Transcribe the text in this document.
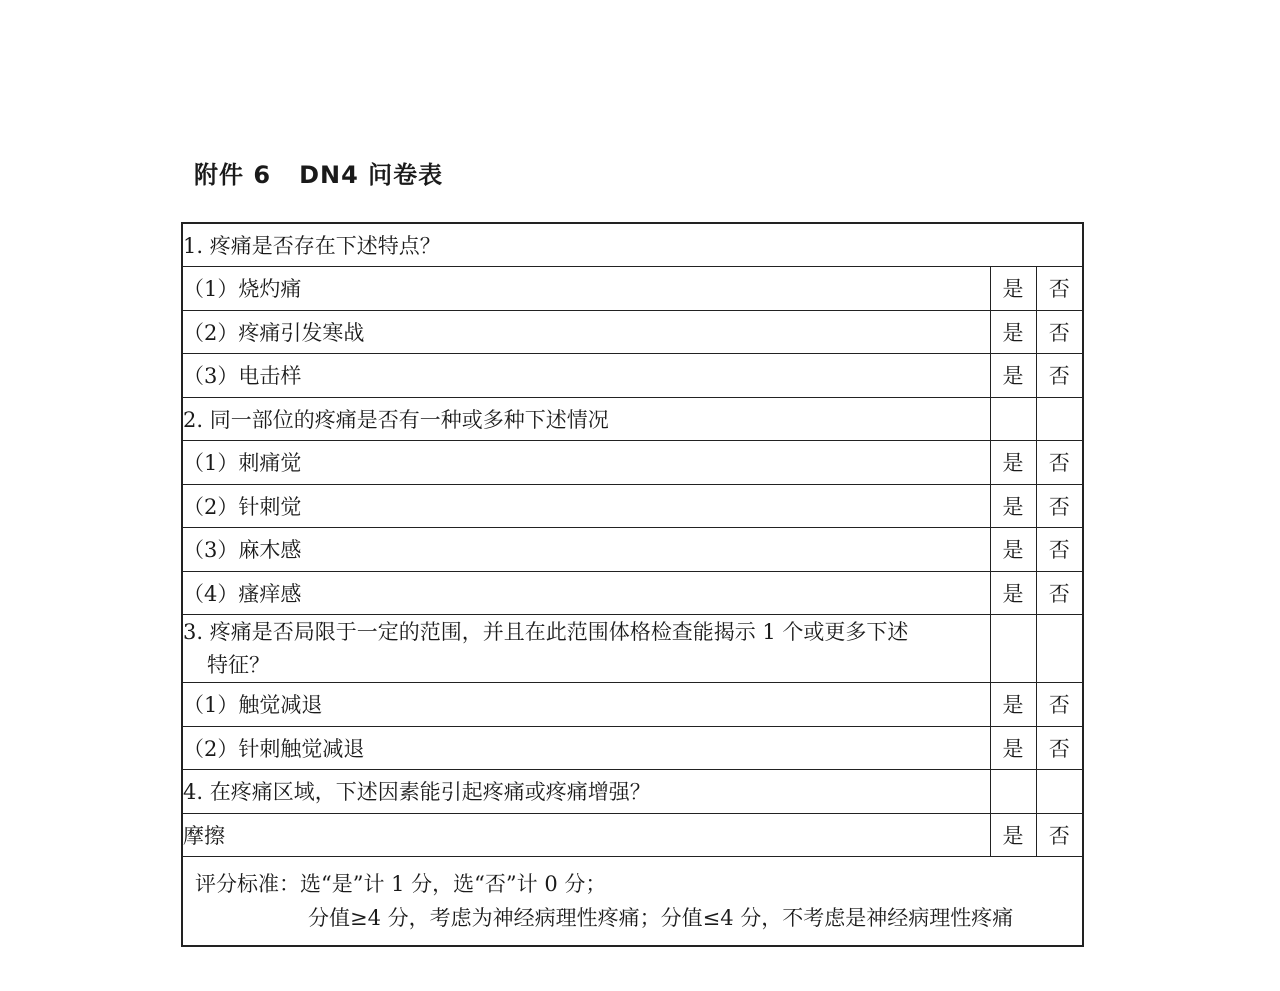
附件 6   DN4 问卷表
1. 疼痛是否存在下述特点？		
（1）烧灼痛	是	否
（2）疼痛引发寒战	是	否
（3）电击样	是	否
2. 同一部位的疼痛是否有一种或多种下述情况		
（1）刺痛觉	是	否
（2）针刺觉	是	否
（3）麻木感	是	否
（4）瘙痒感	是	否
3. 疼痛是否局限于一定的范围，并且在此范围体格检查能揭示 1 个或更多下述
特征？		

（1）触觉减退	是	否
（2）针刺触觉减退	是	否
4. 在疼痛区域，下述因素能引起疼痛或疼痛增强？		
摩擦	是	否
评分标准：选“是”计 1 分，选“否”计 0 分；
分值≥4 分，考虑为神经病理性疼痛；分值≤4 分，不考虑是神经病理性疼痛		
